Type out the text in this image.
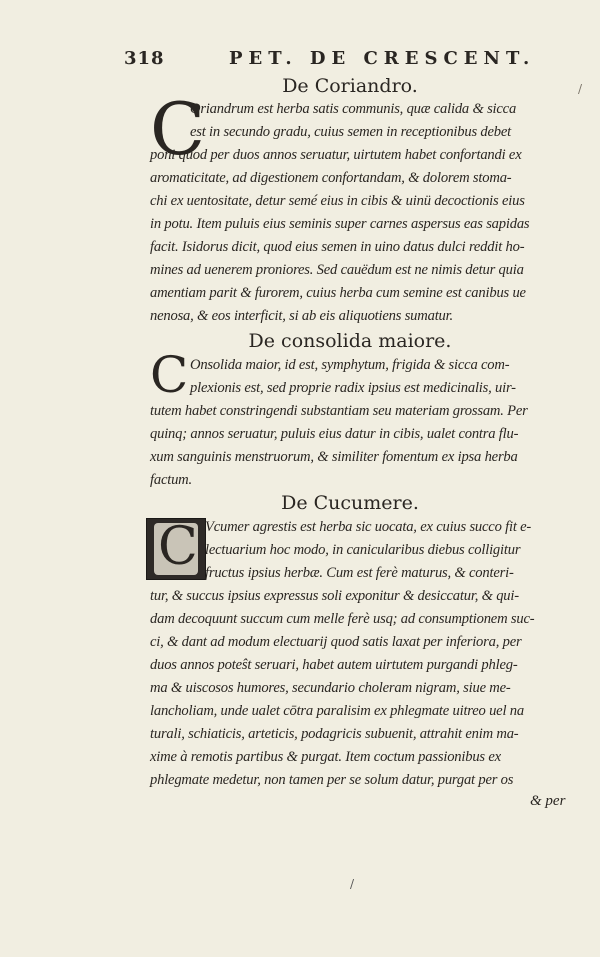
318	PET. DE CRESCENT.
De Coriandro.
C
Oriandrum est herba satis communis, quæ calida & sicca
est in secundo gradu, cuius semen in receptionibus debet
poni quod per duos annos seruatur, uirtutem habet confortandi ex
aromaticitate, ad digestionem confortandam, & dolorem stoma-
chi ex uentositate, detur semé eius in cibis & uinü decoctionis eius
in potu. Item puluis eius seminis super carnes aspersus eas sapidas
facit. Isidorus dicit, quod eius semen in uino datus dulci reddit ho-
mines ad uenerem proniores. Sed cauëdum est ne nimis detur quia
amentiam parit & furorem, cuius herba cum semine est canibus ue
nenosa, & eos interficit, si ab eis aliquotiens sumatur.
De consolida maiore.
C Onsolida maior, id est, symphytum, frigida & sicca com-
plexionis est, sed proprie radix ipsius est medicinalis, uir-
tutem habet constringendi substantiam seu materiam grossam. Per
quinq; annos seruatur, puluis eius datur in cibis, ualet contra flu-
xum sanguinis menstruorum, & similiter fomentum ex ipsa herba
factum.
De Cucumere.
C Vcumer agrestis est herba sic uocata, ex cuius succo fit e-
lectuarium hoc modo, in canicularibus diebus colligitur
fructus ipsius herbæ. Cum est ferè maturus, & conteri-
tur, & succus ipsius expressus soli exponitur & desiccatur, & qui-
dam decoquunt succum cum melle ferè usq; ad consumptionem suc-
ci, & dant ad modum electuarij quod satis laxat per inferiora, per
duos annos poteŝt seruari, habet autem uirtutem purgandi phleg-
ma & uiscosos humores, secundario choleram nigram, siue me-
lancholiam, unde ualet cōtra paralisim ex phlegmate uitreo uel na
turali, schiaticis, arteticis, podagricis subuenit, attrahit enim ma-
xime à remotis partibus & purgat. Item coctum passionibus ex
phlegmate medetur, non tamen per se solum datur, purgat per os
& per
/
/
